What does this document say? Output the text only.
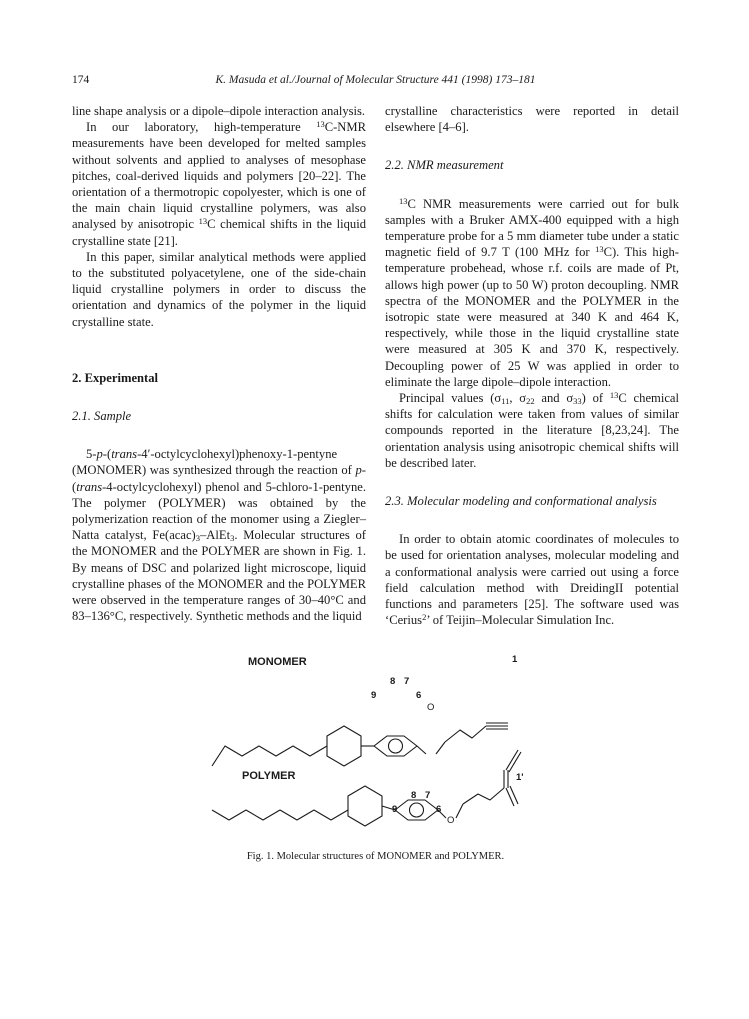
174	K. Masuda et al./Journal of Molecular Structure 441 (1998) 173–181

line shape analysis or a dipole–dipole interaction analysis.

In our laboratory, high-temperature $^{13}$C-NMR measurements have been developed for melted samples without solvents and applied to analyses of mesophase pitches, coal-derived liquids and polymers [20–22]. The orientation of a thermotropic copolyester, which is one of the main chain liquid crystalline polymers, was also analysed by anisotropic $^{13}$C chemical shifts in the liquid crystalline state [21].

In this paper, similar analytical methods were applied to the substituted polyacetylene, one of the side-chain liquid crystalline polymers in order to discuss the orientation and dynamics of the polymer in the liquid crystalline state.

2. Experimental
2.1. Sample

5-p-(trans-4′-octylcyclohexyl)phenoxy-1-pentyne (MONOMER) was synthesized through the reaction of p-(trans-4-octylcyclohexyl) phenol and 5-chloro-1-pentyne. The polymer (POLYMER) was obtained by the polymerization reaction of the monomer using a Ziegler–Natta catalyst, $Fe(acac)_3-AlEt_3$. Molecular structures of the MONOMER and the POLYMER are shown in Fig. 1. By means of DSC and polarized light microscope, liquid crystalline phases of the MONOMER and the POLYMER were observed in the temperature ranges of 30–40°C and 83–136°C, respectively. Synthetic methods and the liquid

crystalline characteristics were reported in detail elsewhere [4–6].

2.2. NMR measurement

$^{13}$C NMR measurements were carried out for bulk samples with a Bruker AMX-400 equipped with a high temperature probe for a 5 mm diameter tube under a static magnetic field of 9.7 T (100 MHz for $^{13}$C). This high-temperature probehead, whose r.f. coils are made of Pt, allows high power (up to 50 W) proton decoupling. NMR spectra of the MONOMER and the POLYMER in the isotropic state were measured at 340 K and 464 K, respectively, while those in the liquid crystalline state were measured at 305 K and 370 K, respectively. Decoupling power of 25 W was applied in order to eliminate the large dipole–dipole interaction.

Principal values ($\sigma_{11}$, $\sigma_{22}$ and $\sigma_{33}$) of $^{13}$C chemical shifts for calculation were taken from values of similar compounds reported in the literature [8,23,24]. The orientation analysis using anisotropic chemical shifts will be described later.

2.3. Molecular modeling and conformational analysis

In order to obtain atomic coordinates of molecules to be used for orientation analyses, molecular modeling and a conformational analysis were carried out using a force field calculation method with DreidingII potential functions and parameters [25]. The software used was ‘Cerius$^2$’ of Teijin–Molecular Simulation Inc.

MONOMER	1
8 7
9	6
O
POLYMER	1'
8 7
9	6
O
Fig. 1. Molecular structures of MONOMER and POLYMER.
